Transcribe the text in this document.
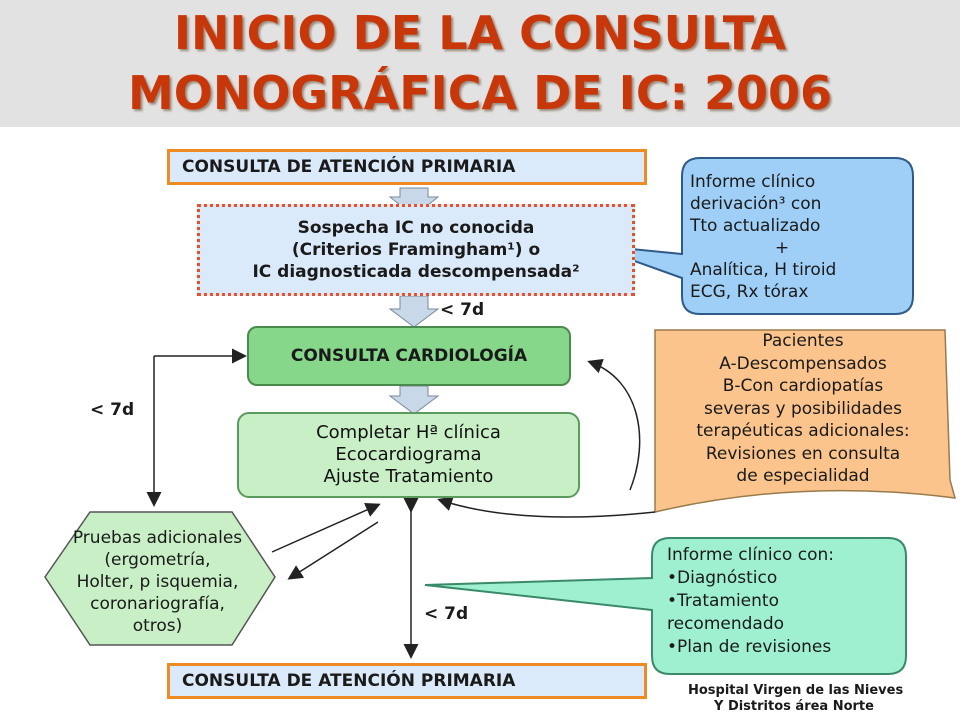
INICIO DE LA CONSULTA
MONOGRÁFICA DE IC: 2006
CONSULTA DE ATENCIÓN PRIMARIA
Sospecha IC no conocida
(Criterios Framingham¹) o
IC diagnosticada descompensada²
CONSULTA CARDIOLOGÍA
Completar Hª clínica
Ecocardiograma
Ajuste Tratamiento
CONSULTA DE ATENCIÓN PRIMARIA
< 7d
< 7d
< 7d
Informe clínico
derivación³ con
Tto actualizado
+
Analítica, H tiroid
ECG, Rx tórax
Pacientes
A-Descompensados
B-Con cardiopatías
severas y posibilidades
terapéuticas adicionales:
Revisiones en consulta
de especialidad
Pruebas adicionales
(ergometría,
Holter, p isquemia,
coronariografía,
otros)
Informe clínico con:
•Diagnóstico
•Tratamiento
recomendado
•Plan de revisiones
Hospital Virgen de las Nieves
Y Distritos área Norte
